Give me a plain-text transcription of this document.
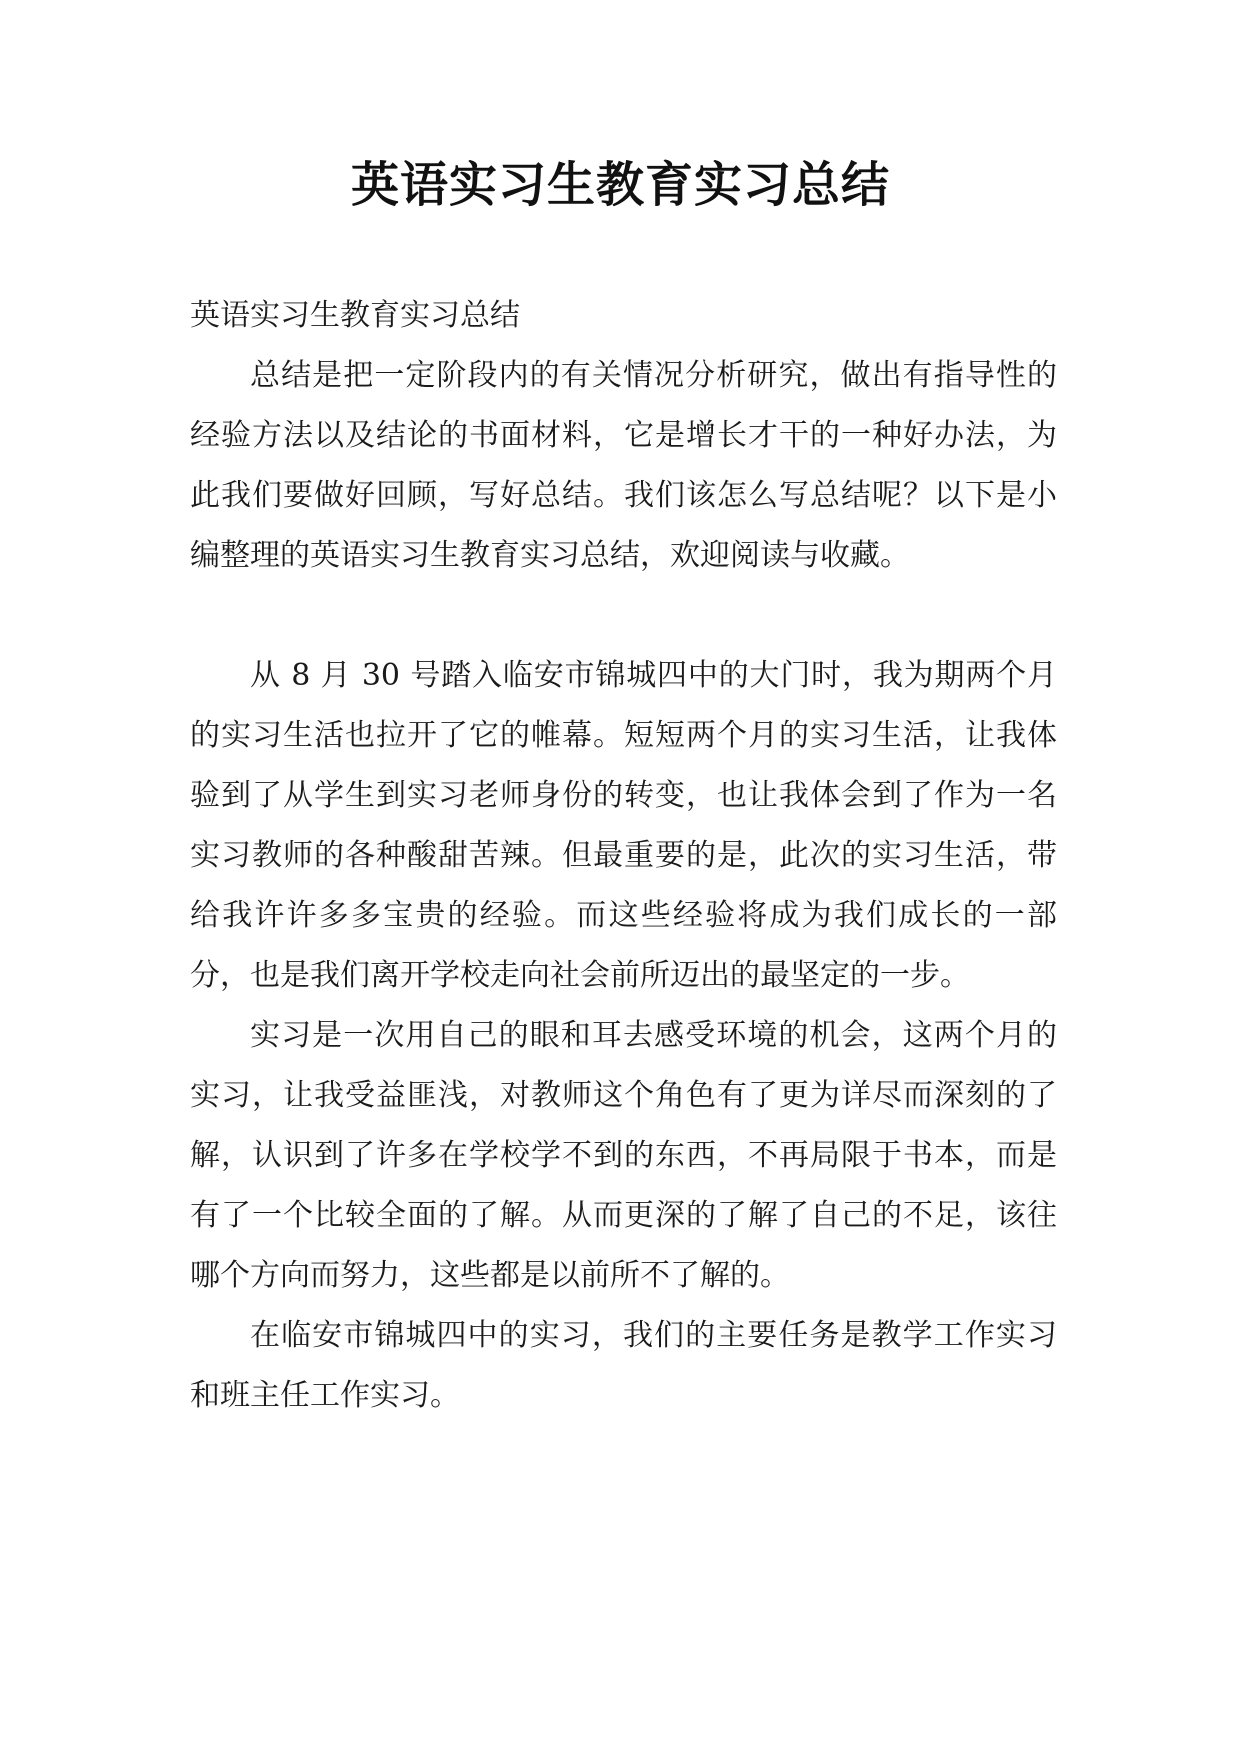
英语实习生教育实习总结

英语实习生教育实习总结

总结是把一定阶段内的有关情况分析研究，做出有指导性的经验方法以及结论的书面材料，它是增长才干的一种好办法，为此我们要做好回顾，写好总结。我们该怎么写总结呢？以下是小编整理的英语实习生教育实习总结，欢迎阅读与收藏。

从 8 月 30 号踏入临安市锦城四中的大门时，我为期两个月的实习生活也拉开了它的帷幕。短短两个月的实习生活，让我体验到了从学生到实习老师身份的转变，也让我体会到了作为一名实习教师的各种酸甜苦辣。但最重要的是，此次的实习生活，带给我许许多多宝贵的经验。而这些经验将成为我们成长的一部分，也是我们离开学校走向社会前所迈出的最坚定的一步。

实习是一次用自己的眼和耳去感受环境的机会，这两个月的实习，让我受益匪浅，对教师这个角色有了更为详尽而深刻的了解，认识到了许多在学校学不到的东西，不再局限于书本，而是有了一个比较全面的了解。从而更深的了解了自己的不足，该往哪个方向而努力，这些都是以前所不了解的。

在临安市锦城四中的实习，我们的主要任务是教学工作实习和班主任工作实习。
